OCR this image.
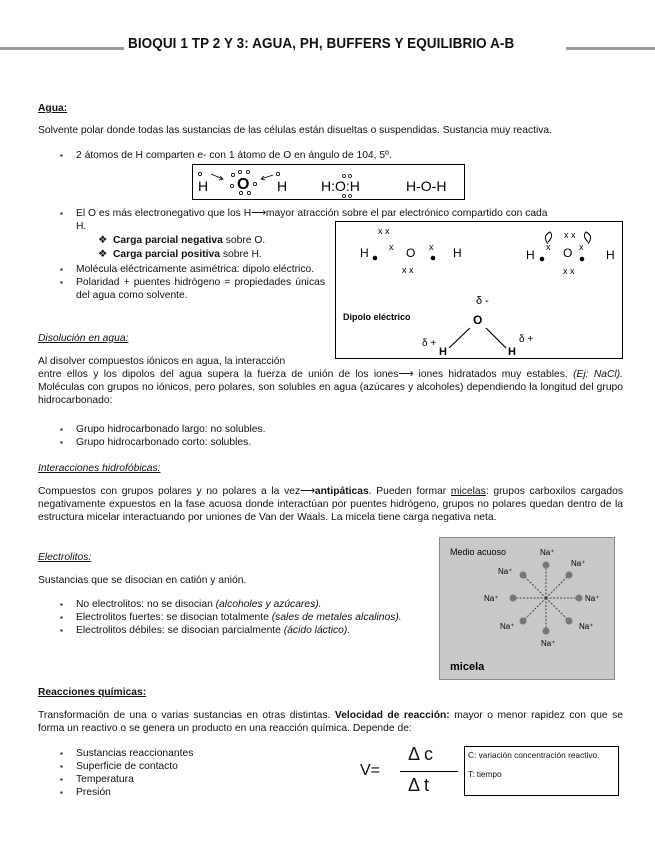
BIOQUI 1 TP 2 Y 3: AGUA, PH, BUFFERS Y EQUILIBRIO A-B
Agua:
Solvente polar donde todas las sustancias de las células están disueltas o suspendidas. Sustancia muy reactiva.
▪ 2 átomos de H comparten e- con 1 átomo de O en ángulo de 104, 5º.
H O H H:O:H	H-O-H
▪ El O es más electronegativo que los H⟶mayor atracción sobre el par electrónico compartido con cada
H.
❖ Carga parcial negativa sobre O.
❖ Carga parcial positiva sobre H.
▪ Molécula eléctricamente asimétrica: dipolo eléctrico.
▪ Polaridad + puentes hidrógeno = propiedades únicas del agua como solvente.
x x
H	O
x	x H
x x
x x
H O	H
x	x
x x
Dipolo eléctrico
δ -
O
δ +
H	H
δ +
Disolución en agua:
Al disolver compuestos iónicos en agua, la interacción
entre ellos y los dipolos del agua supera la fuerza de unión de los iones⟶ iones hidratados muy estables. (Ej: NaCl). Moléculas con grupos no iónicos, pero polares, son solubles en agua (azúcares y alcoholes) dependiendo la longitud del grupo hidrocarbonado:
▪ Grupo hidrocarbonado largo: no solubles.
▪ Grupo hidrocarbonado corto: solubles.
Interacciones hidrofóbicas:
Compuestos con grupos polares y no polares a la vez⟶antipáticas. Pueden formar micelas: grupos carboxilos cargados negativamente expuestos en la fase acuosa donde interactúan por puentes hidrógeno, grupos no polares quedan dentro de la estructura micelar interactuando por uniones de Van der Waals. La micela tiene carga negativa neta.
Electrolitos:
Sustancias que se disocian en catión y anión.
▪ No electrolitos: no se disocian (alcoholes y azúcares).
▪ Electrolitos fuertes: se disocian totalmente (sales de metales alcalinos).
▪ Electrolitos débiles: se disocian parcialmente (ácido láctico).
Medio acuoso	Na⁺
Na⁺
Na⁺
Na⁺	Na⁺
Na⁺	Na⁺
Na⁺
micela
Reacciones químicas:
Transformación de una o varias sustancias en otras distintas. Velocidad de reacción: mayor o menor rapidez con que se forma un reactivo o se genera un producto en una reacción química. Depende de:
▪ Sustancias reaccionantes
▪ Superficie de contacto
▪ Temperatura
▪ Presión
V=
Δ c
Δ t
C: variación concentración reactivo.
T: tiempo
